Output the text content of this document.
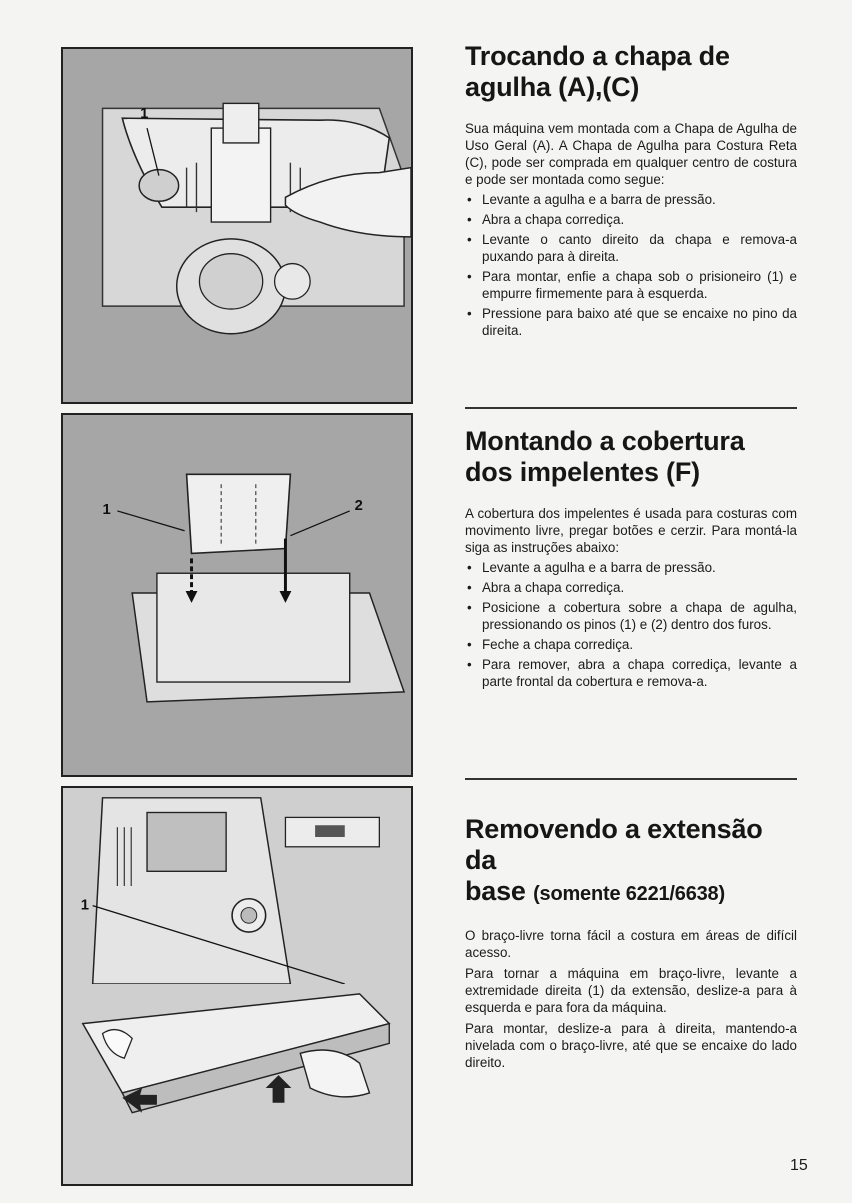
1
1	2
1
Trocando a chapa de
agulha (A),(C)

Sua máquina vem montada com a Chapa de Agulha de Uso Geral (A). A Chapa de Agulha para Costura Reta (C), pode ser comprada em qualquer centro de costura e pode ser montada como segue:

• Levante a agulha e a barra de pressão.
• Abra a chapa corrediça.
• Levante o canto direito da chapa e remova-a puxando para à direita.
• Para montar, enfie a chapa sob o prisioneiro (1) e empurre firmemente para à esquerda.
• Pressione para baixo até que se encaixe no pino da direita.
Montando a cobertura
dos impelentes (F)

A cobertura dos impelentes é usada para costuras com movimento livre, pregar botões e cerzir. Para montá-la siga as instruções abaixo:

• Levante a agulha e a barra de pressão.
• Abra a chapa corrediça.
• Posicione a cobertura sobre a chapa de agulha, pressionando os pinos (1) e (2) dentro dos furos.
• Feche a chapa corrediça.
• Para remover, abra a chapa corrediça, levante a parte frontal da cobertura e remova-a.
Removendo a extensão da
base (somente 6221/6638)

O braço-livre torna fácil a costura em áreas de difícil acesso.

Para tornar a máquina em braço-livre, levante a extremidade direita (1) da extensão, deslize-a para à esquerda e para fora da máquina.

Para montar, deslize-a para à direita, mantendo-a nivelada com o braço-livre, até que se encaixe do lado direito.

15
